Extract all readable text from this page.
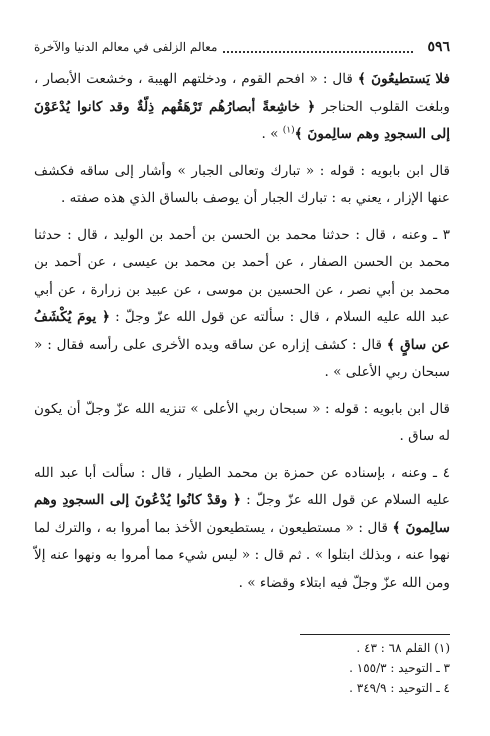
٥٩٦
معالم الزلفى في معالم الدنيا والآخرة

فلا يَستطيعُونَ ﴾ قال : « افحم القوم ، ودخلتهم الهيبة ، وخشعت الأبصار ، وبلغت القلوب الحناجر ﴿ خاشِعةً أبصارُهُم تَرْهَقُهم ذِلّةٌ وقد كانوا يُدْعَوْنَ إلى السجودِ وهم سالِمونَ ﴾$^{(١)}$ » .

قال ابن بابويه : قوله : « تبارك وتعالى الجبار » وأشار إلى ساقه فكشف عنها الإزار ، يعني به : تبارك الجبار أن يوصف بالساق الذي هذه صفته .

٣ ـ وعنه ، قال : حدثنا محمد بن الحسن بن أحمد بن الوليد ، قال : حدثنا محمد بن الحسن الصفار ، عن أحمد بن محمد بن عيسى ، عن أحمد بن محمد بن أبي نصر ، عن الحسين بن موسى ، عن عبيد بن زرارة ، عن أبي عبد الله عليه السلام ، قال : سألته عن قول الله عزّ وجلّ : ﴿ يومَ يُكْشَفُ عن ساقٍ ﴾ قال : كشف إزاره عن ساقه ويده الأخرى على رأسه فقال : « سبحان ربي الأعلى » .

قال ابن بابويه : قوله : « سبحان ربي الأعلى » تنزيه الله عزّ وجلّ أن يكون له ساق .

٤ ـ وعنه ، بإسناده عن حمزة بن محمد الطيار ، قال : سألت أبا عبد الله عليه السلام عن قول الله عزّ وجلّ : ﴿ وقدْ كانُوا يُدْعُونَ إلى السجودِ وهم سالِمونَ ﴾ قال : « مستطيعون ، يستطيعون الأخذ بما أمروا به ، والترك لما نهوا عنه ، وبذلك ابتلوا » . ثم قال : « ليس شيء مما أمروا به ونهوا عنه إلاّ ومن الله عزّ وجلّ فيه ابتلاء وقضاء » .

(١) القلم ٦٨ : ٤٣ .

٣ ـ التوحيد : ١٥٥/٣ .

٤ ـ التوحيد : ٣٤٩/٩ .
